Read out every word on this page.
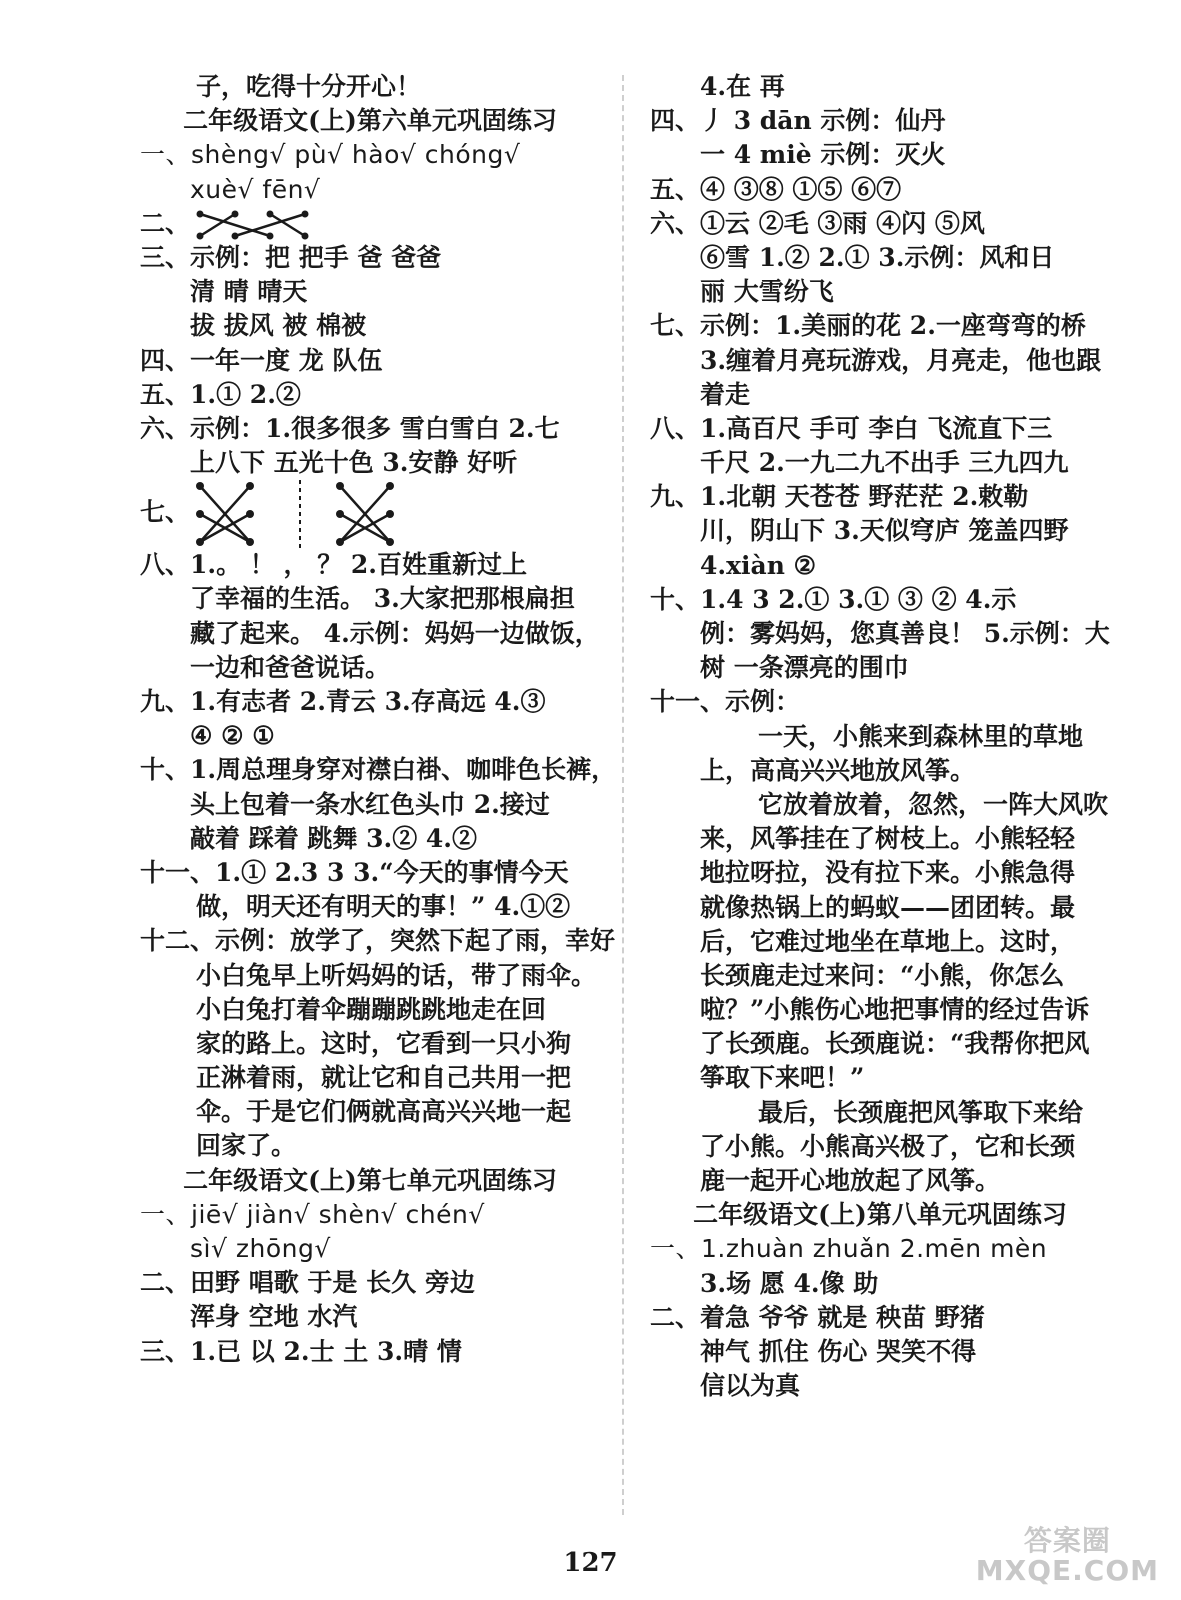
子，吃得十分开心！
二年级语文(上)第六单元巩固练习
一、shèng√ pù√ hào√ chóng√
xuè√ fēn√
二、
三、示例：把 把手 爸 爸爸
清 晴 晴天
拔 拔风 被 棉被
四、一年一度 龙 队伍
五、1.① 2.②
六、示例：1.很多很多 雪白雪白 2.七
上八下 五光十色 3.安静 好听
七、
八、1.。 ！ ， ？ 2.百姓重新过上
了幸福的生活。 3.大家把那根扁担
藏了起来。 4.示例：妈妈一边做饭，
一边和爸爸说话。
九、1.有志者 2.青云 3.存高远 4.③
④ ② ①
十、1.周总理身穿对襟白褂、咖啡色长裤，
头上包着一条水红色头巾 2.接过
敲着 踩着 跳舞 3.② 4.②
十一、1.① 2.3 3 3.“今天的事情今天
做，明天还有明天的事！” 4.①②
十二、示例：放学了，突然下起了雨，幸好
小白兔早上听妈妈的话，带了雨伞。
小白兔打着伞蹦蹦跳跳地走在回
家的路上。这时，它看到一只小狗
正淋着雨，就让它和自己共用一把
伞。于是它们俩就高高兴兴地一起
回家了。
二年级语文(上)第七单元巩固练习
一、jiē√ jiàn√ shèn√ chén√
sì√ zhōng√
二、田野 唱歌 于是 长久 旁边
浑身 空地 水汽
三、1.已 以 2.士 土 3.晴 情
4.在 再
四、丿 3 dān 示例：仙丹
一 4 miè 示例：灭火
五、④ ③⑧ ①⑤ ⑥⑦
六、①云 ②毛 ③雨 ④闪 ⑤风
⑥雪 1.② 2.① 3.示例：风和日
丽 大雪纷飞
七、示例：1.美丽的花 2.一座弯弯的桥
3.缠着月亮玩游戏，月亮走，他也跟
着走
八、1.高百尺 手可 李白 飞流直下三
千尺 2.一九二九不出手 三九四九
九、1.北朝 天苍苍 野茫茫 2.敕勒
川，阴山下 3.天似穹庐 笼盖四野
4.xiàn ②
十、1.4 3 2.① 3.① ③ ② 4.示
例：雾妈妈，您真善良！ 5.示例：大
树 一条漂亮的围巾
十一、示例：
一天，小熊来到森林里的草地
上，高高兴兴地放风筝。
它放着放着，忽然，一阵大风吹
来，风筝挂在了树枝上。小熊轻轻
地拉呀拉，没有拉下来。小熊急得
就像热锅上的蚂蚁——团团转。最
后，它难过地坐在草地上。这时，
长颈鹿走过来问：“小熊，你怎么
啦？”小熊伤心地把事情的经过告诉
了长颈鹿。长颈鹿说：“我帮你把风
筝取下来吧！”
最后，长颈鹿把风筝取下来给
了小熊。小熊高兴极了，它和长颈
鹿一起开心地放起了风筝。
二年级语文(上)第八单元巩固练习
一、1.zhuàn zhuǎn 2.mēn mèn
3.场 愿 4.像 助
二、着急 爷爷 就是 秧苗 野猪
神气 抓住 伤心 哭笑不得
信以为真
127
答案圈
MXQE.COM
